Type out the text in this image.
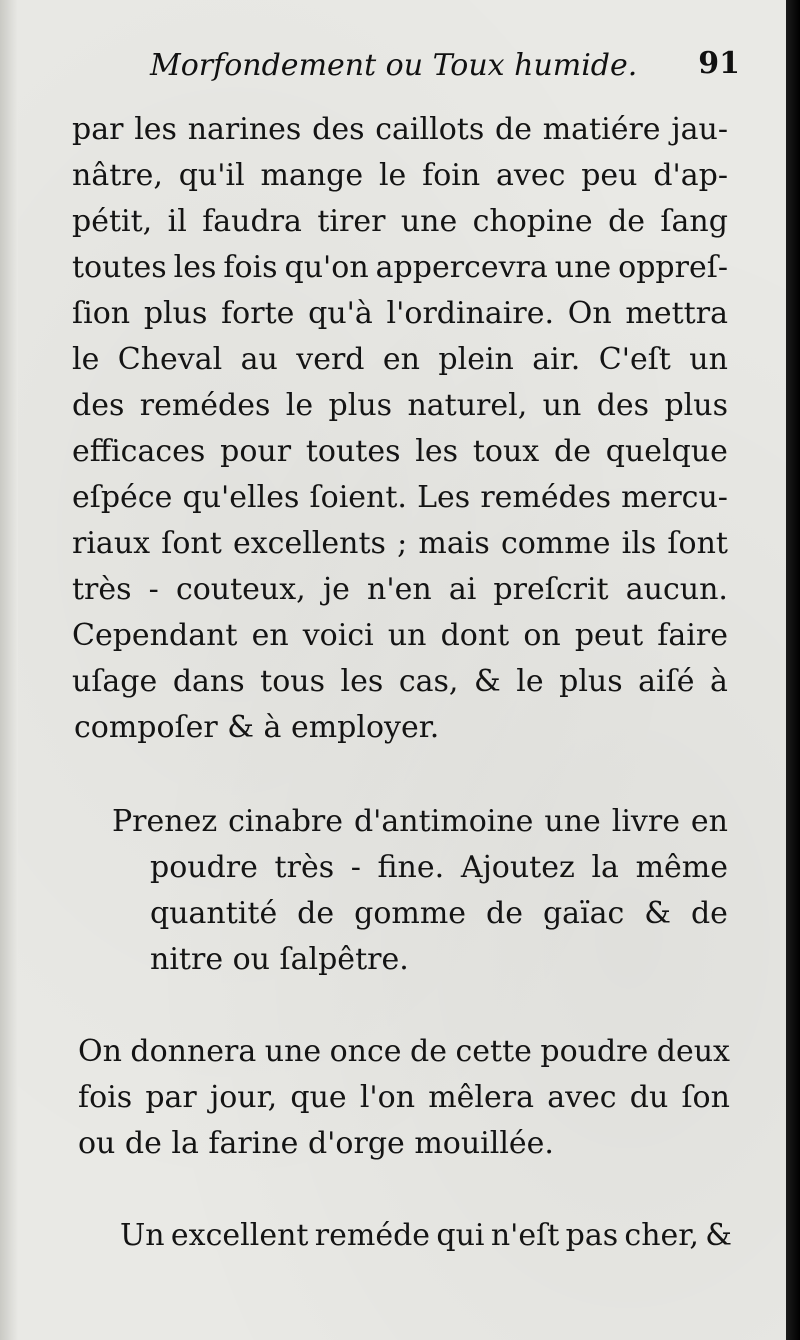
Morfondement ou Toux humide. 91
par les narines des caillots de matiére jau-
nâtre, qu'il mange le foin avec peu d'ap-
pétit, il faudra tirer une chopine de ſang
toutes les fois qu'on appercevra une oppreſ-
ſion plus forte qu'à l'ordinaire. On mettra
le Cheval au verd en plein air. C'eſt un
des remédes le plus naturel, un des plus
efficaces pour toutes les toux de quelque
eſpéce qu'elles ſoient. Les remédes mercu-
riaux ſont excellents ; mais comme ils ſont
très - couteux, je n'en ai preſcrit aucun.
Cependant en voici un dont on peut faire
uſage dans tous les cas, & le plus aiſé à
compoſer & à employer.
Prenez cinabre d'antimoine une livre en
poudre très - fine. Ajoutez la même
quantité de gomme de gaïac & de
nitre ou ſalpêtre.
On donnera une once de cette poudre deux
fois par jour, que l'on mêlera avec du ſon
ou de la farine d'orge mouillée.
Un excellent reméde qui n'eſt pas cher, &
